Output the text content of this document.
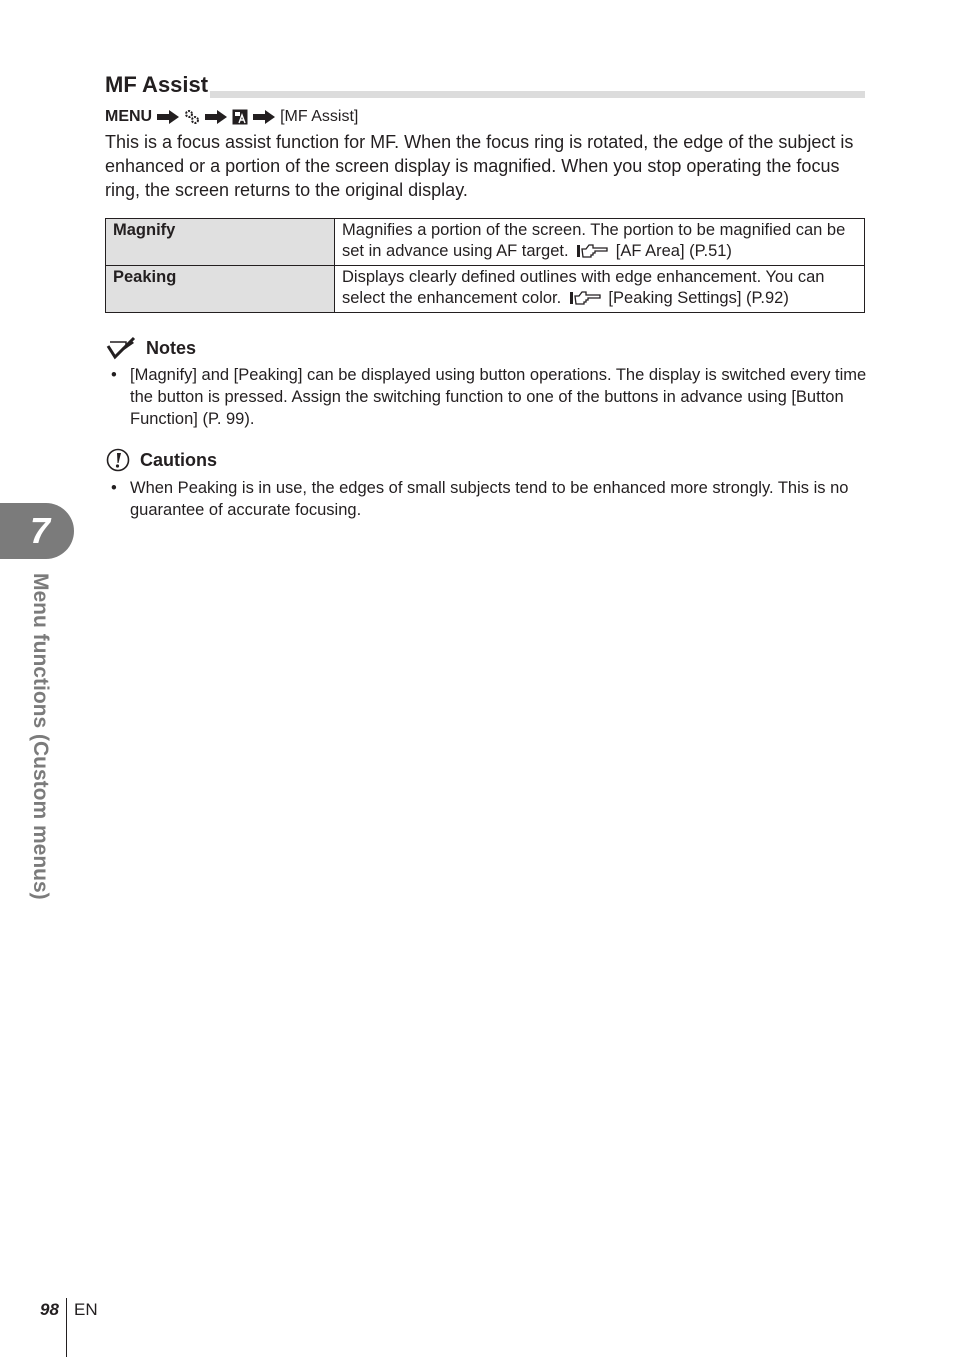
MF Assist
MENU	[MF Assist]
This is a focus assist function for MF. When the focus ring is rotated, the edge of the subject is enhanced or a portion of the screen display is magnified. When you stop operating the focus ring, the screen returns to the original display.
Magnify	Magnifies a portion of the screen. The portion to be magnified can be set in advance using AF target. [AF Area] (P.51)
Peaking	Displays clearly defined outlines with edge enhancement. You can select the enhancement color. [Peaking Settings] (P.92)
Notes
• [Magnify] and [Peaking] can be displayed using button operations. The display is switched every time the button is pressed. Assign the switching function to one of the buttons in advance using [Button Function] (P. 99).
Cautions
• When Peaking is in use, the edges of small subjects tend to be enhanced more strongly. This is no guarantee of accurate focusing.
7
Menu functions (Custom menus)
98 EN
